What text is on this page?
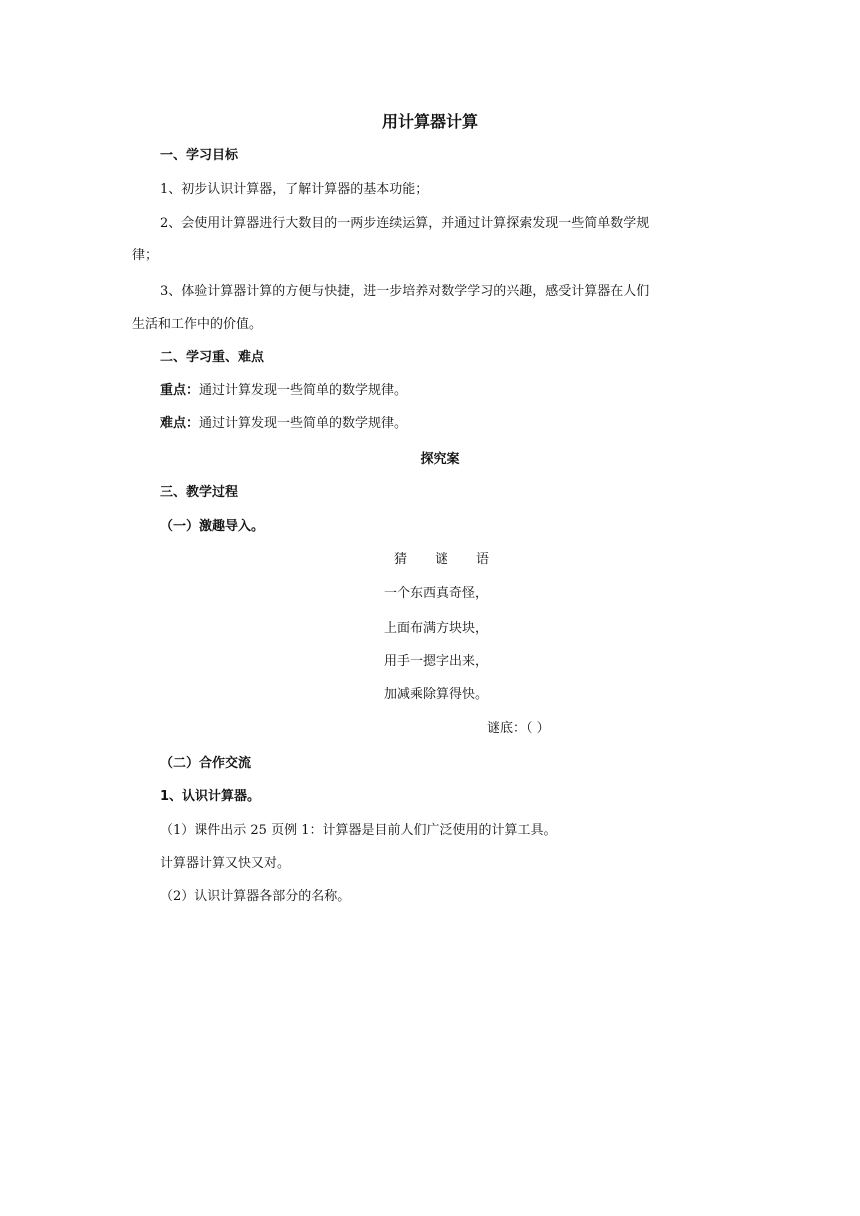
用计算器计算
一、学习目标
1、初步认识计算器，了解计算器的基本功能；
2、会使用计算器进行大数目的一两步连续运算，并通过计算探索发现一些简单数学规
律；
3、体验计算器计算的方便与快捷，进一步培养对数学学习的兴趣，感受计算器在人们
生活和工作中的价值。
二、学习重、难点
重点：通过计算发现一些简单的数学规律。
难点：通过计算发现一些简单的数学规律。
探究案
三、教学过程
（一）激趣导入。
猜 谜 语
一个东西真奇怪，
上面布满方块块，
用手一摁字出来，
加减乘除算得快。
谜底：（ ）
（二）合作交流
1、认识计算器。
（1）课件出示 25 页例 1：计算器是目前人们广泛使用的计算工具。
计算器计算又快又对。
（2）认识计算器各部分的名称。
